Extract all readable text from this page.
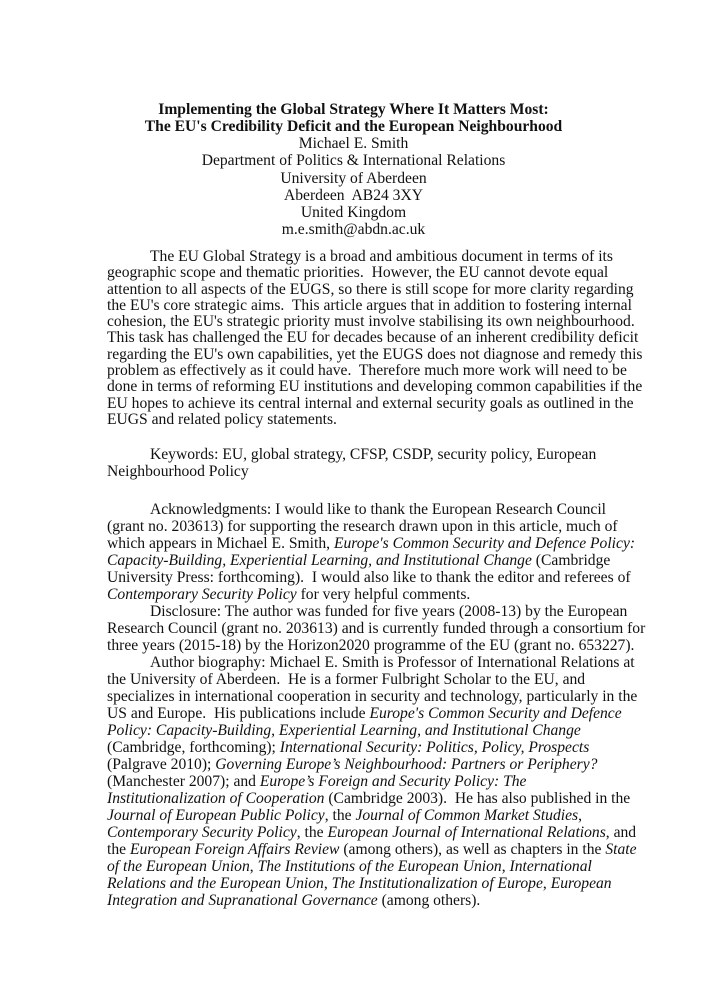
Implementing the Global Strategy Where It Matters Most:
The EU's Credibility Deficit and the European Neighbourhood
Michael E. Smith
Department of Politics & International Relations
University of Aberdeen
Aberdeen  AB24 3XY
United Kingdom
m.e.smith@abdn.ac.uk
The EU Global Strategy is a broad and ambitious document in terms of its
geographic scope and thematic priorities.  However, the EU cannot devote equal
attention to all aspects of the EUGS, so there is still scope for more clarity regarding
the EU's core strategic aims.  This article argues that in addition to fostering internal
cohesion, the EU's strategic priority must involve stabilising its own neighbourhood.
This task has challenged the EU for decades because of an inherent credibility deficit
regarding the EU's own capabilities, yet the EUGS does not diagnose and remedy this
problem as effectively as it could have.  Therefore much more work will need to be
done in terms of reforming EU institutions and developing common capabilities if the
EU hopes to achieve its central internal and external security goals as outlined in the
EUGS and related policy statements.
Keywords: EU, global strategy, CFSP, CSDP, security policy, European
Neighbourhood Policy
Acknowledgments: I would like to thank the European Research Council
(grant no. 203613) for supporting the research drawn upon in this article, much of
which appears in Michael E. Smith, Europe's Common Security and Defence Policy:
Capacity-Building, Experiential Learning, and Institutional Change (Cambridge
University Press: forthcoming).  I would also like to thank the editor and referees of
Contemporary Security Policy for very helpful comments.
Disclosure: The author was funded for five years (2008-13) by the European
Research Council (grant no. 203613) and is currently funded through a consortium for
three years (2015-18) by the Horizon2020 programme of the EU (grant no. 653227).
Author biography: Michael E. Smith is Professor of International Relations at
the University of Aberdeen.  He is a former Fulbright Scholar to the EU, and
specializes in international cooperation in security and technology, particularly in the
US and Europe.  His publications include Europe's Common Security and Defence
Policy: Capacity-Building, Experiential Learning, and Institutional Change
(Cambridge, forthcoming); International Security: Politics, Policy, Prospects
(Palgrave 2010); Governing Europe’s Neighbourhood: Partners or Periphery?
(Manchester 2007); and Europe’s Foreign and Security Policy: The
Institutionalization of Cooperation (Cambridge 2003).  He has also published in the
Journal of European Public Policy, the Journal of Common Market Studies,
Contemporary Security Policy, the European Journal of International Relations, and
the European Foreign Affairs Review (among others), as well as chapters in the State
of the European Union, The Institutions of the European Union, International
Relations and the European Union, The Institutionalization of Europe, European
Integration and Supranational Governance (among others).
